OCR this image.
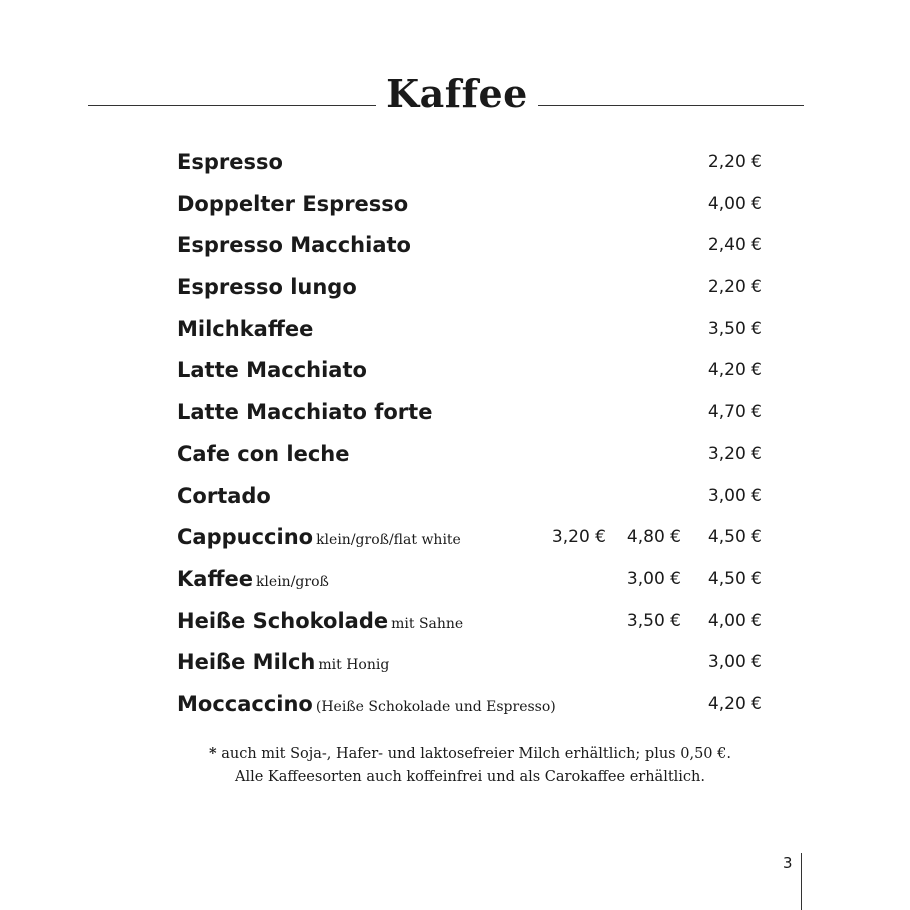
Kaffee
Espresso	2,20 €
Doppelter Espresso	4,00 €
Espresso Macchiato	2,40 €
Espresso lungo	2,20 €
Milchkaffee	3,50 €
Latte Macchiato	4,20 €
Latte Macchiato forte	4,70 €
Cafe con leche	3,20 €
Cortado	3,00 €
Cappuccino klein/groß/flat white	3,20 € 4,80 € 4,50 €
Kaffee klein/groß	3,00 € 4,50 €
Heiße Schokolade mit Sahne	3,50 € 4,00 €
Heiße Milch mit Honig	3,00 €
Moccaccino (Heiße Schokolade und Espresso)	4,20 €
* auch mit Soja-, Hafer- und laktosefreier Milch erhältlich; plus 0,50 €.
Alle Kaffeesorten auch koffeinfrei und als Carokaffee erhältlich.
3
